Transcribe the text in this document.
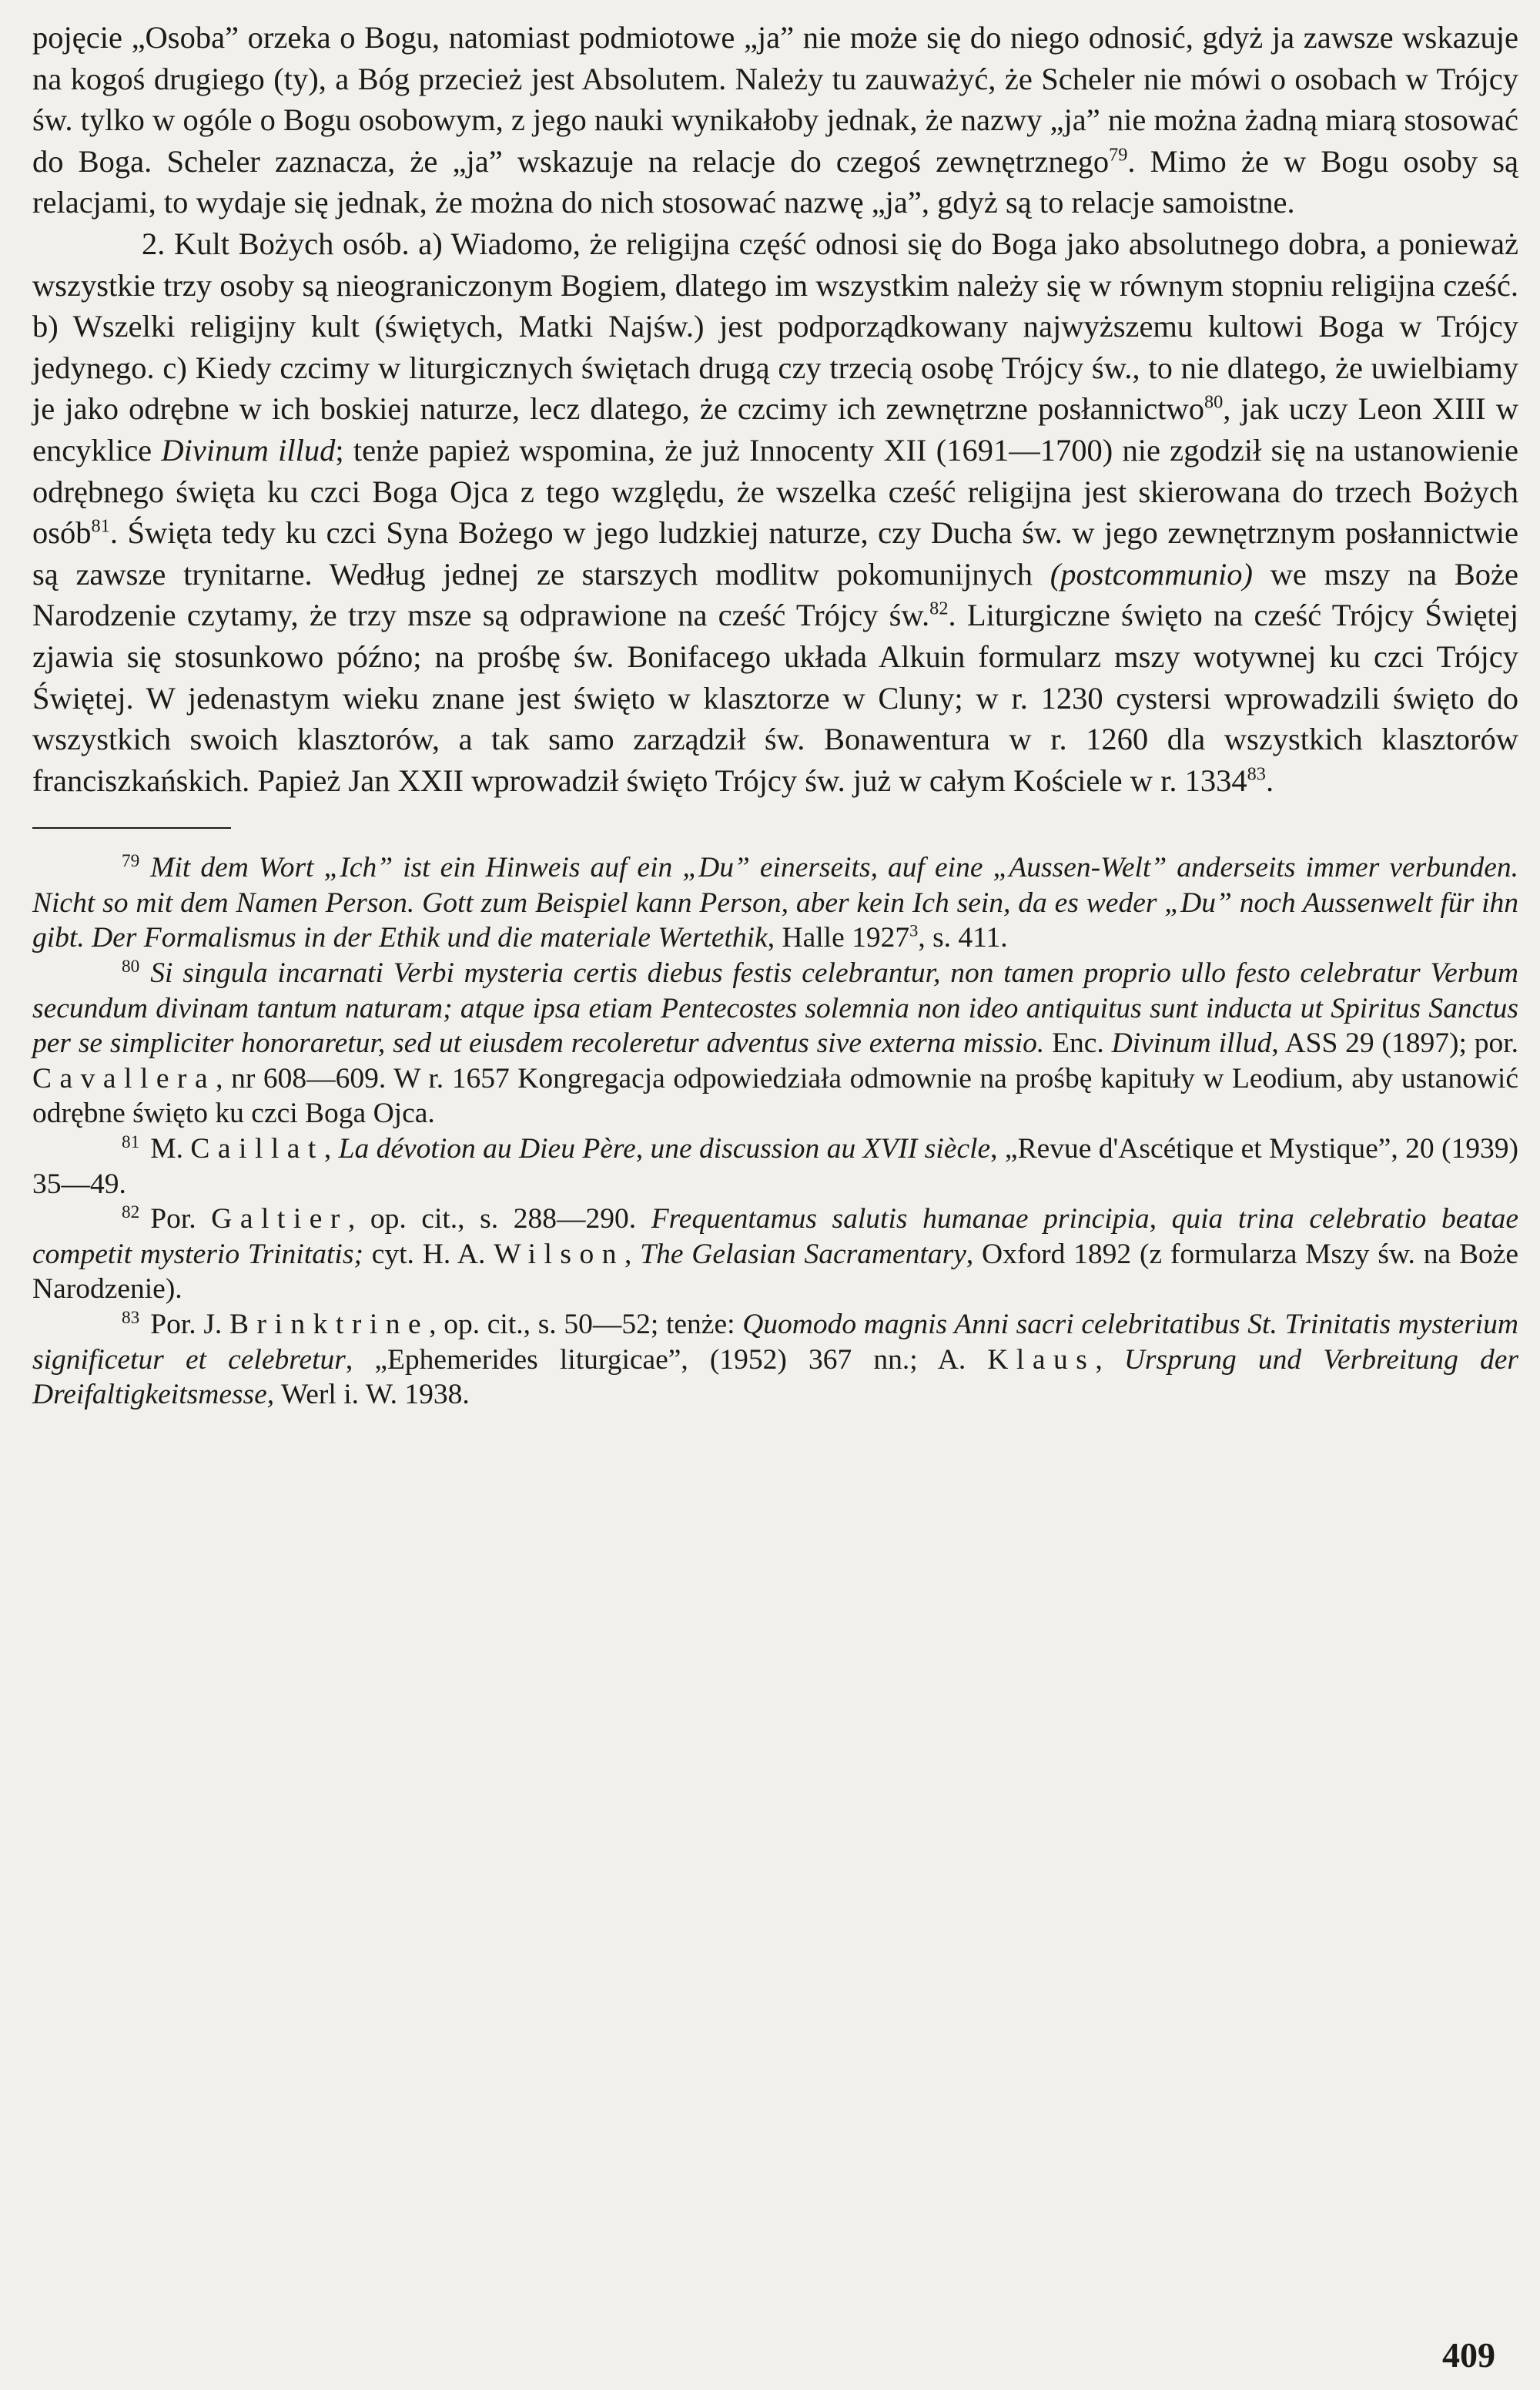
pojęcie „Osoba” orzeka o Bogu, natomiast podmiotowe „ja” nie może się do niego odnosić, gdyż ja zawsze wskazuje na kogoś drugiego (ty), a Bóg przecież jest Absolutem. Należy tu zauważyć, że Scheler nie mówi o osobach w Trójcy św. tylko w ogóle o Bogu osobowym, z jego nauki wynikałoby jednak, że nazwy „ja” nie można żadną miarą stosować do Boga. Scheler zaznacza, że „ja” wskazuje na relacje do czegoś zewnętrznego$^{79}$. Mimo że w Bogu osoby są relacjami, to wydaje się jednak, że można do nich stosować nazwę „ja”, gdyż są to relacje samoistne.

2. Kult Bożych osób. a) Wiadomo, że religijna część odnosi się do Boga jako absolutnego dobra, a ponieważ wszystkie trzy osoby są nieograniczonym Bogiem, dlatego im wszystkim należy się w równym stopniu religijna cześć. b) Wszelki religijny kult (świętych, Matki Najśw.) jest podporządkowany najwyższemu kultowi Boga w Trójcy jedynego. c) Kiedy czcimy w liturgicznych świętach drugą czy trzecią osobę Trójcy św., to nie dlatego, że uwielbiamy je jako odrębne w ich boskiej naturze, lecz dlatego, że czcimy ich zewnętrzne posłannictwo$^{80}$, jak uczy Leon XIII w encyklice Divinum illud; tenże papież wspomina, że już Innocenty XII (1691—1700) nie zgodził się na ustanowienie odrębnego święta ku czci Boga Ojca z tego względu, że wszelka cześć religijna jest skierowana do trzech Bożych osób$^{81}$. Święta tedy ku czci Syna Bożego w jego ludzkiej naturze, czy Ducha św. w jego zewnętrznym posłannictwie są zawsze trynitarne. Według jednej ze starszych modlitw pokomunijnych (postcommunio) we mszy na Boże Narodzenie czytamy, że trzy msze są odprawione na cześć Trójcy św.$^{82}$. Liturgiczne święto na cześć Trójcy Świętej zjawia się stosunkowo późno; na prośbę św. Bonifacego układa Alkuin formularz mszy wotywnej ku czci Trójcy Świętej. W jedenastym wieku znane jest święto w klasztorze w Cluny; w r. 1230 cystersi wprowadzili święto do wszystkich swoich klasztorów, a tak samo zarządził św. Bonawentura w r. 1260 dla wszystkich klasztorów franciszkańskich. Papież Jan XXII wprowadził święto Trójcy św. już w całym Kościele w r. 1334$^{83}$.

$^{79}$ Mit dem Wort „Ich” ist ein Hinweis auf ein „Du” einerseits, auf eine „Aussen-Welt” anderseits immer verbunden. Nicht so mit dem Namen Person. Gott zum Beispiel kann Person, aber kein Ich sein, da es weder „Du” noch Aussenwelt für ihn gibt. Der Formalismus in der Ethik und die materiale Wertethik, Halle 1927$^3$, s. 411.

$^{80}$ Si singula incarnati Verbi mysteria certis diebus festis celebrantur, non tamen proprio ullo festo celebratur Verbum secundum divinam tantum naturam; atque ipsa etiam Pentecostes solemnia non ideo antiquitus sunt inducta ut Spiritus Sanctus per se simpliciter honoraretur, sed ut eiusdem recoleretur adventus sive externa missio. Enc. Divinum illud, ASS 29 (1897); por. Cavallera, nr 608—609. W r. 1657 Kongregacja odpowiedziała odmownie na prośbę kapituły w Leodium, aby ustanowić odrębne święto ku czci Boga Ojca.

$^{81}$ M. Caillat, La dévotion au Dieu Père, une discussion au XVII siècle, „Revue d'Ascétique et Mystique”, 20 (1939) 35—49.

$^{82}$ Por. Galtier, op. cit., s. 288—290. Frequentamus salutis humanae principia, quia trina celebratio beatae competit mysterio Trinitatis; cyt. H. A. Wilson, The Gelasian Sacramentary, Oxford 1892 (z formularza Mszy św. na Boże Narodzenie).

$^{83}$ Por. J. Brinktrine, op. cit., s. 50—52; tenże: Quomodo magnis Anni sacri celebritatibus St. Trinitatis mysterium significetur et celebretur, „Ephemerides liturgicae”, (1952) 367 nn.; A. Klaus, Ursprung und Verbreitung der Dreifaltigkeitsmesse, Werl i. W. 1938.

409
